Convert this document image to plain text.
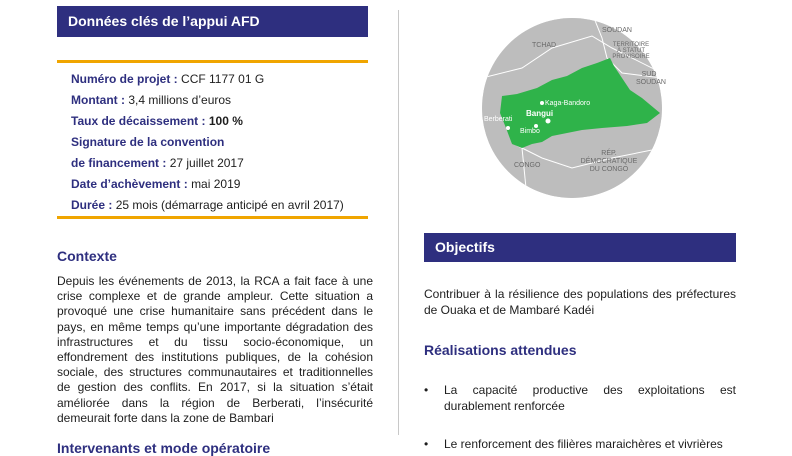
Données clés de l’appui AFD
Numéro de projet : CCF 1177 01 G
Montant : 3,4 millions d’euros
Taux de décaissement : 100 %
Signature de la convention
de financement : 27 juillet 2017
Date d’achèvement : mai 2019
Durée : 25 mois (démarrage anticipé en avril 2017)
Contexte
Depuis les événements de 2013, la RCA a fait face à une crise complexe et de grande ampleur. Cette situation a provoqué une crise humanitaire sans précédent dans le pays, en même temps qu’une importante dégradation des infrastructures et du tissu socio-économique, un effondrement des institutions publiques, de la cohésion sociale, des structures communautaires et traditionnelles de gestion des conflits. En 2017, si la situation s’était améliorée dans la région de Berberati, l’insécurité demeurait forte dans la zone de Bambari
Intervenants et mode opératoire
SOUDAN
TCHAD	TERRITOIRE À STATUT PROVISOIRE
SUD SOUDAN
Kaga-Bandoro
Bangui
Berberati
Bimbo
CONGO
RÉP. DÉMOCRATIQUE DU CONGO
Objectifs
Contribuer à la résilience des populations des préfectures de Ouaka et de Mambaré Kadéi
Réalisations attendues
• La capacité productive des exploitations est durablement renforcée
• Le renforcement des filières maraichères et vivrières
